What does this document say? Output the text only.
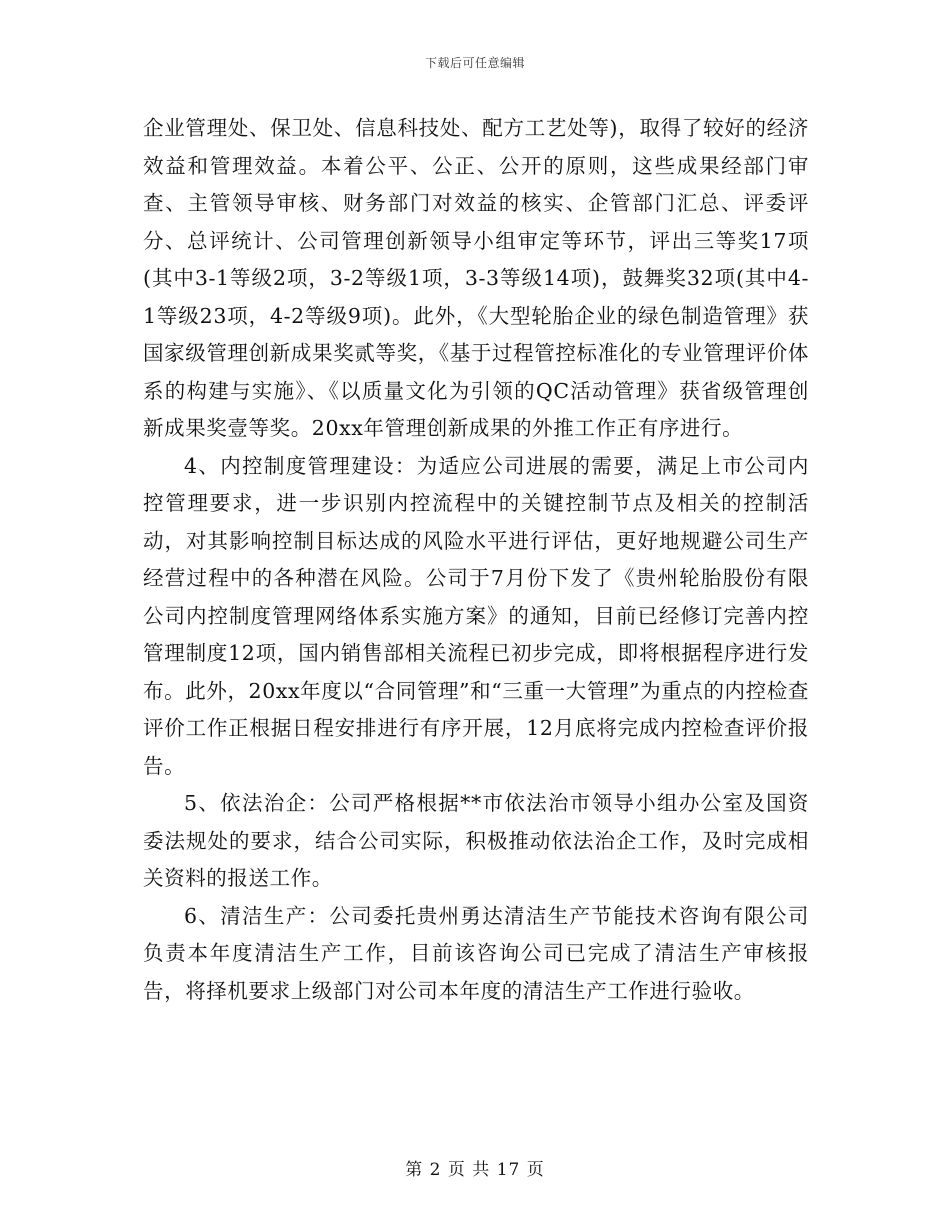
下载后可任意编辑

企业管理处、保卫处、信息科技处、配方工艺处等)，取得了较好的经济效益和管理效益。本着公平、公正、公开的原则，这些成果经部门审查、主管领导审核、财务部门对效益的核实、企管部门汇总、评委评分、总评统计、公司管理创新领导小组审定等环节，评出三等奖17项(其中3-1等级2项，3-2等级1项，3-3等级14项)，鼓舞奖32项(其中4-1等级23项，4-2等级9项)。此外，《大型轮胎企业的绿色制造管理》获国家级管理创新成果奖贰等奖，《基于过程管控标准化的专业管理评价体系的构建与实施》、《以质量文化为引领的QC活动管理》获省级管理创新成果奖壹等奖。20xx年管理创新成果的外推工作正有序进行。

4、内控制度管理建设：为适应公司进展的需要，满足上市公司内控管理要求，进一步识别内控流程中的关键控制节点及相关的控制活动，对其影响控制目标达成的风险水平进行评估，更好地规避公司生产经营过程中的各种潜在风险。公司于7月份下发了《贵州轮胎股份有限公司内控制度管理网络体系实施方案》的通知，目前已经修订完善内控管理制度12项，国内销售部相关流程已初步完成，即将根据程序进行发布。此外，20xx年度以“合同管理”和“三重一大管理”为重点的内控检查评价工作正根据日程安排进行有序开展，12月底将完成内控检查评价报告。

5、依法治企：公司严格根据**市依法治市领导小组办公室及国资委法规处的要求，结合公司实际，积极推动依法治企工作，及时完成相关资料的报送工作。

6、清洁生产：公司委托贵州勇达清洁生产节能技术咨询有限公司负责本年度清洁生产工作，目前该咨询公司已完成了清洁生产审核报告，将择机要求上级部门对公司本年度的清洁生产工作进行验收。

第 2 页 共 17 页
